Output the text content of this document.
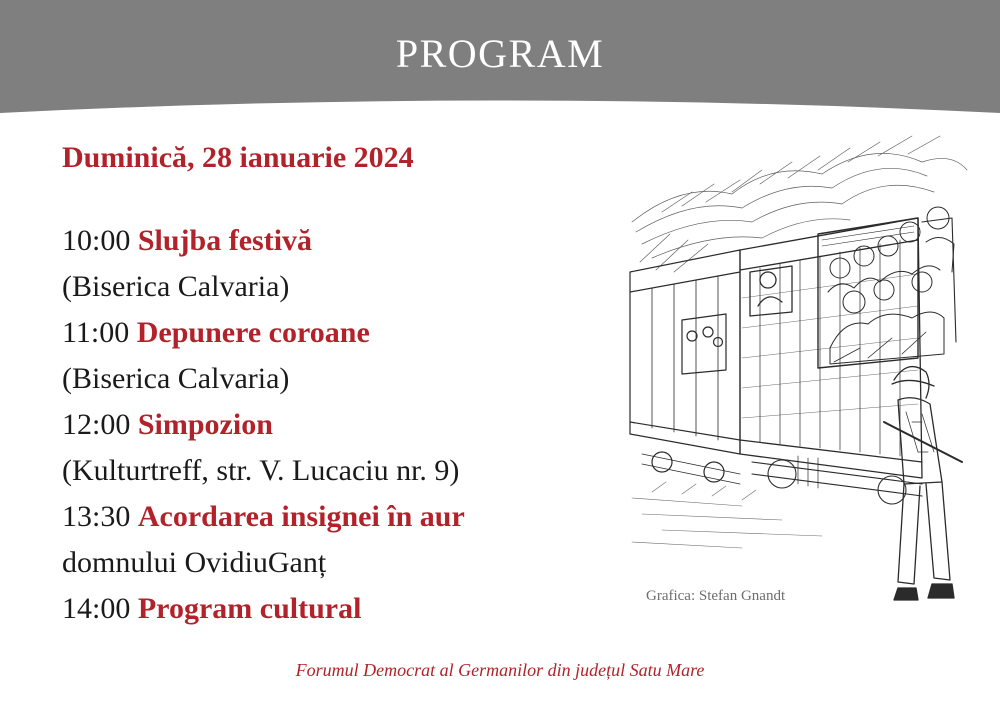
PROGRAM
Duminică, 28 ianuarie 2024
10:00 Slujba festivă
(Biserica Calvaria)
11:00 Depunere coroane
(Biserica Calvaria)
12:00 Simpozion
(Kulturtreff, str. V. Lucaciu nr. 9)
13:30 Acordarea insignei în aur
domnului OvidiuGanț
14:00 Program cultural	Grafica: Stefan Gnandt
Forumul Democrat al Germanilor din județul Satu Mare
